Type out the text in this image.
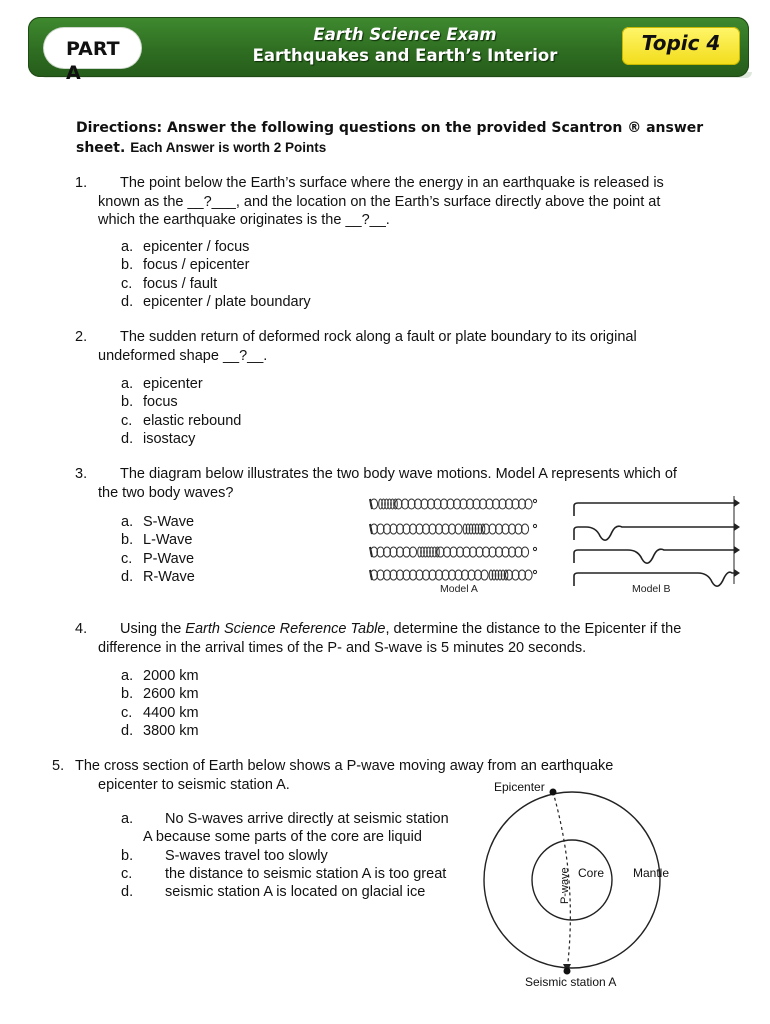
PART A
Earth Science Exam
Earthquakes and Earth’s Interior
Topic 4
Directions: Answer the following questions on the provided Scantron ® answer sheet. Each Answer is worth 2 Points
1.	The point below the Earth’s surface where the energy in an earthquake is released is known as the __?___, and the location on the Earth’s surface directly above the point at which the earthquake originates is the __?__.
a. epicenter / focus
b. focus / epicenter
c. focus / fault
d. epicenter / plate boundary
2.	The sudden return of deformed rock along a fault or plate boundary to its original undeformed shape __?__.
a. epicenter
b. focus
c. elastic rebound
d. isostacy
3.	The diagram below illustrates the two body wave motions. Model A represents which of the two body waves?
a. S-Wave
b. L-Wave
c. P-Wave
d. R-Wave
Model A	Model B
4.	Using the Earth Science Reference Table, determine the distance to the Epicenter if the difference in the arrival times of the P- and S-wave is 5 minutes 20 seconds.
a. 2000 km
b. 2600 km
c. 4400 km
d. 3800 km
5. The cross section of Earth below shows a P-wave moving away from an earthquake
epicenter to seismic station A.
a. No S-waves arrive directly at seismic station
A because some parts of the core are liquid
b. S-waves travel too slowly
c. the distance to seismic station A is too great
d. seismic station A is located on glacial ice
Epicenter
Core Mantle
P-wave
Seismic station A
